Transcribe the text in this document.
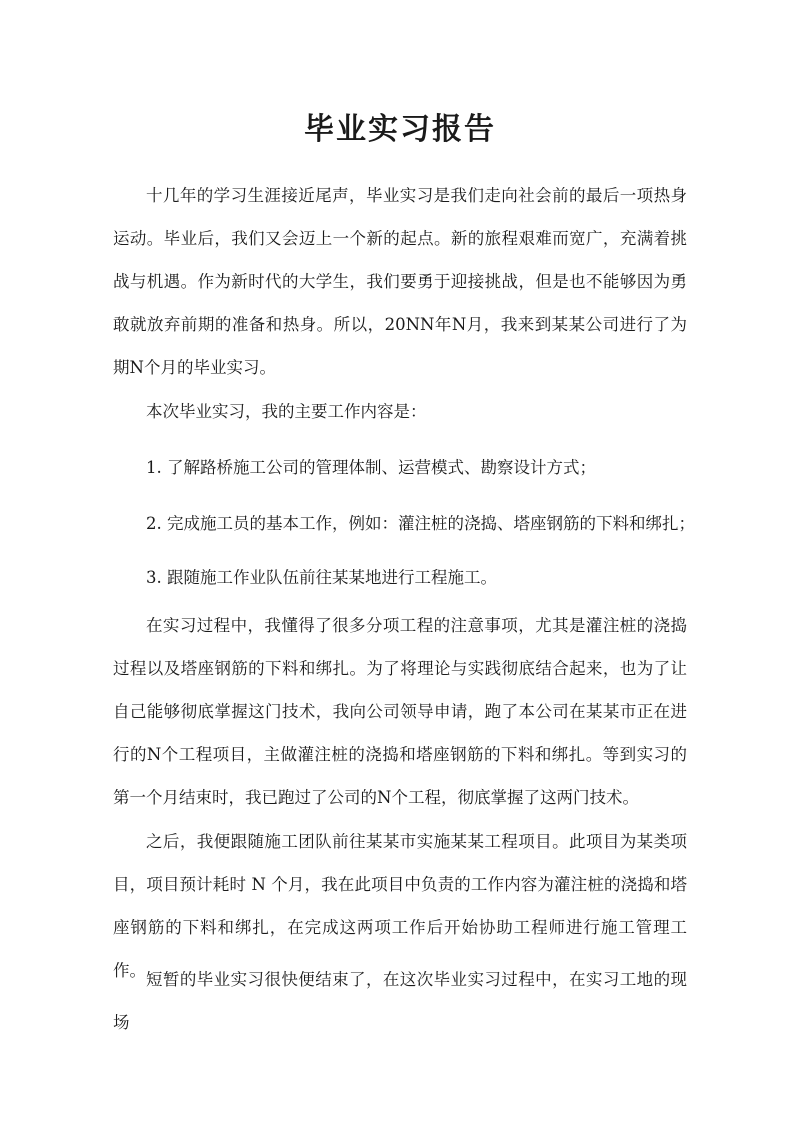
毕业实习报告

十几年的学习生涯接近尾声，毕业实习是我们走向社会前的最后一项热身运动。毕业后，我们又会迈上一个新的起点。新的旅程艰难而宽广，充满着挑战与机遇。作为新时代的大学生，我们要勇于迎接挑战，但是也不能够因为勇敢就放弃前期的准备和热身。所以，20NN年N月，我来到某某公司进行了为期N个月的毕业实习。

本次毕业实习，我的主要工作内容是：

1. 了解路桥施工公司的管理体制、运营模式、勘察设计方式；

2. 完成施工员的基本工作，例如：灌注桩的浇捣、塔座钢筋的下料和绑扎；

3. 跟随施工作业队伍前往某某地进行工程施工。

在实习过程中，我懂得了很多分项工程的注意事项，尤其是灌注桩的浇捣过程以及塔座钢筋的下料和绑扎。为了将理论与实践彻底结合起来，也为了让自己能够彻底掌握这门技术，我向公司领导申请，跑了本公司在某某市正在进行的N个工程项目，主做灌注桩的浇捣和塔座钢筋的下料和绑扎。等到实习的第一个月结束时，我已跑过了公司的N个工程，彻底掌握了这两门技术。

之后，我便跟随施工团队前往某某市实施某某工程项目。此项目为某类项目，项目预计耗时 N 个月，我在此项目中负责的工作内容为灌注桩的浇捣和塔座钢筋的下料和绑扎，在完成这两项工作后开始协助工程师进行施工管理工作。 短暂的毕业实习很快便结束了，在这次毕业实习过程中，在实习工地的现场
